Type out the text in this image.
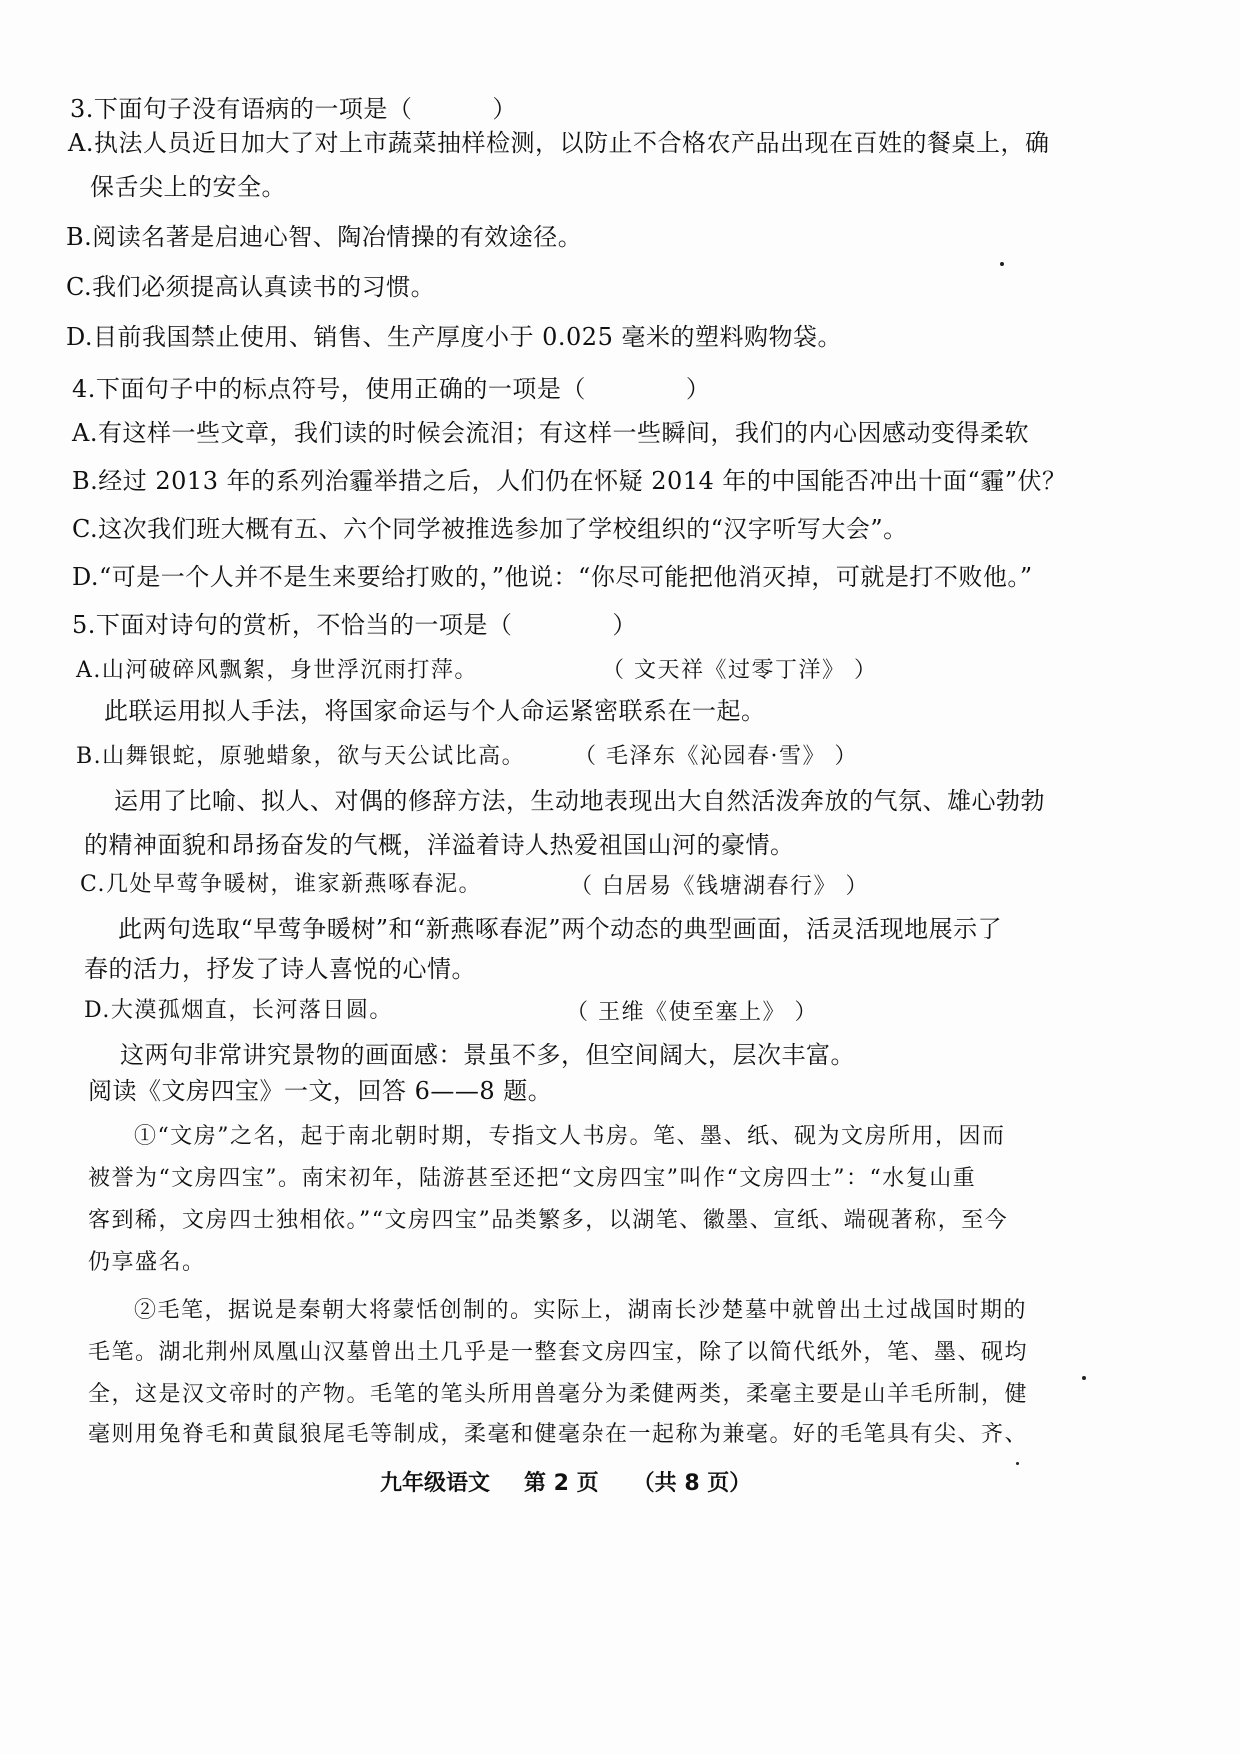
3.下面句子没有语病的一项是（	）
A.执法人员近日加大了对上市蔬菜抽样检测，以防止不合格农产品出现在百姓的餐桌上，确
保舌尖上的安全。
B.阅读名著是启迪心智、陶冶情操的有效途径。
C.我们必须提高认真读书的习惯。
D.目前我国禁止使用、销售、生产厚度小于 0.025 毫米的塑料购物袋。
4.下面句子中的标点符号，使用正确的一项是（	）
A.有这样一些文章，我们读的时候会流泪；有这样一些瞬间，我们的内心因感动变得柔软
B.经过 2013 年的系列治霾举措之后，人们仍在怀疑 2014 年的中国能否冲出十面“霾”伏？
C.这次我们班大概有五、六个同学被推选参加了学校组织的“汉字听写大会”。
D.“可是一个人并不是生来要给打败的，”他说：“你尽可能把他消灭掉，可就是打不败他。”
5.下面对诗句的赏析，不恰当的一项是（	）
A.山河破碎风飘絮，身世浮沉雨打萍。	（ 文天祥《过零丁洋》 ）
此联运用拟人手法，将国家命运与个人命运紧密联系在一起。
B.山舞银蛇，原驰蜡象，欲与天公试比高。 （ 毛泽东《沁园春·雪》 ）
运用了比喻、拟人、对偶的修辞方法，生动地表现出大自然活泼奔放的气氛、雄心勃勃
的精神面貌和昂扬奋发的气概，洋溢着诗人热爱祖国山河的豪情。
C.几处早莺争暖树，谁家新燕啄春泥。	（ 白居易《钱塘湖春行》 ）
此两句选取“早莺争暖树”和“新燕啄春泥”两个动态的典型画面，活灵活现地展示了
春的活力，抒发了诗人喜悦的心情。
D.大漠孤烟直，长河落日圆。	（ 王维《使至塞上》 ）
这两句非常讲究景物的画面感：景虽不多，但空间阔大，层次丰富。
阅读《文房四宝》一文，回答 6——8 题。
①“文房”之名，起于南北朝时期，专指文人书房。笔、墨、纸、砚为文房所用，因而
被誉为“文房四宝”。南宋初年，陆游甚至还把“文房四宝”叫作“文房四士”：“水复山重
客到稀，文房四士独相依。”“文房四宝”品类繁多，以湖笔、徽墨、宣纸、端砚著称，至今
仍享盛名。
②毛笔，据说是秦朝大将蒙恬创制的。实际上，湖南长沙楚墓中就曾出土过战国时期的
毛笔。湖北荆州凤凰山汉墓曾出土几乎是一整套文房四宝，除了以简代纸外，笔、墨、砚均
全，这是汉文帝时的产物。毛笔的笔头所用兽毫分为柔健两类，柔毫主要是山羊毛所制，健
毫则用兔脊毛和黄鼠狼尾毛等制成，柔毫和健毫杂在一起称为兼毫。好的毛笔具有尖、齐、
九年级语文 第 2 页 （共 8 页）
